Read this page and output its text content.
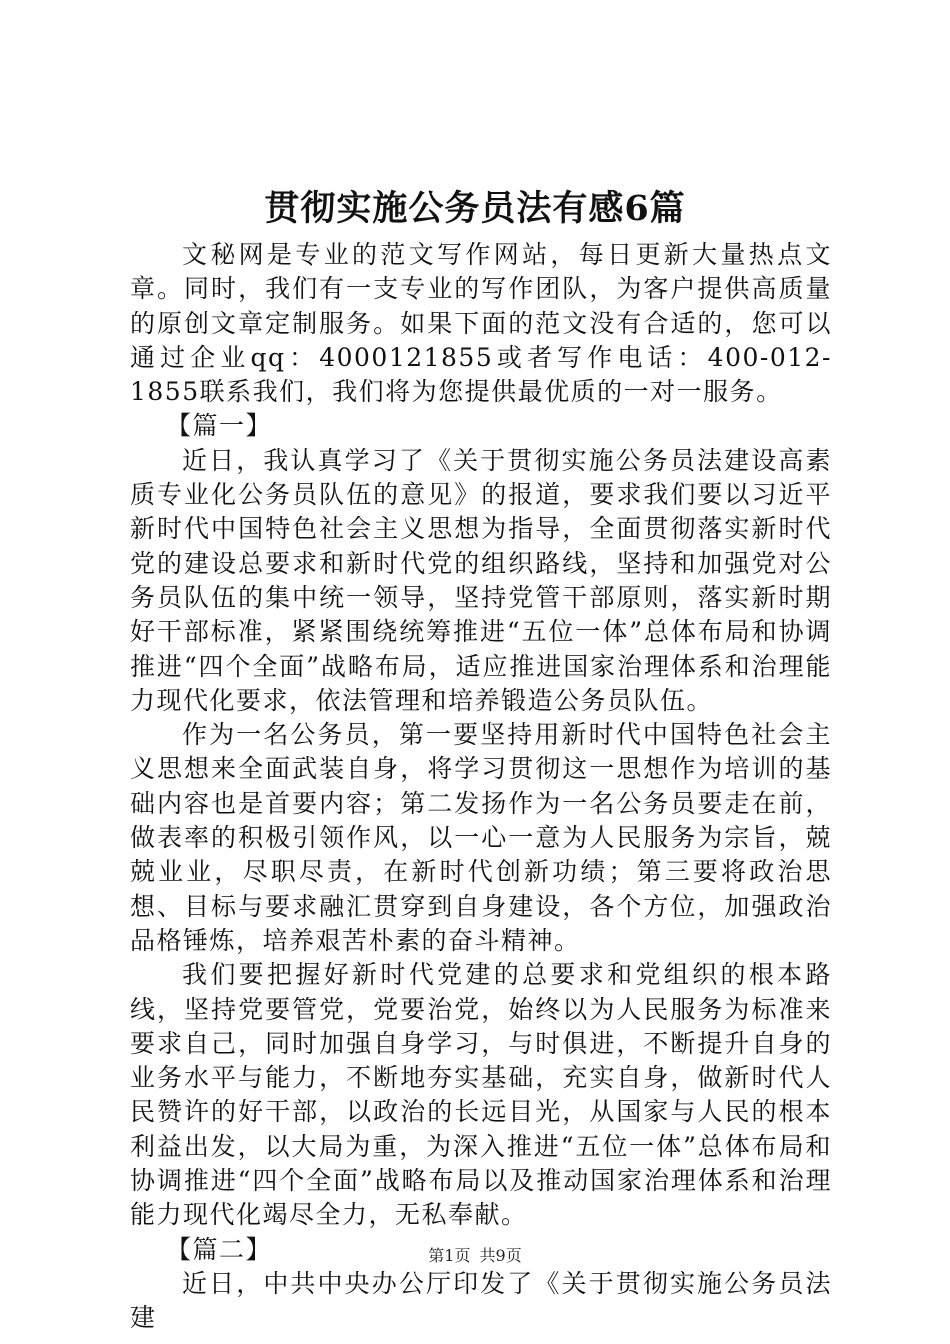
贯彻实施公务员法有感6篇

文秘网是专业的范文写作网站，每日更新大量热点文章。同时，我们有一支专业的写作团队，为客户提供高质量的原创文章定制服务。如果下面的范文没有合适的，您可以通过企业qq：4000121855或者写作电话：400-012-1855联系我们，我们将为您提供最优质的一对一服务。

【篇一】

近日，我认真学习了《关于贯彻实施公务员法建设高素质专业化公务员队伍的意见》的报道，要求我们要以习近平新时代中国特色社会主义思想为指导，全面贯彻落实新时代党的建设总要求和新时代党的组织路线，坚持和加强党对公务员队伍的集中统一领导，坚持党管干部原则，落实新时期好干部标准，紧紧围绕统筹推进“五位一体”总体布局和协调推进“四个全面”战略布局，适应推进国家治理体系和治理能力现代化要求，依法管理和培养锻造公务员队伍。

作为一名公务员，第一要坚持用新时代中国特色社会主义思想来全面武装自身，将学习贯彻这一思想作为培训的基础内容也是首要内容；第二发扬作为一名公务员要走在前，做表率的积极引领作风，以一心一意为人民服务为宗旨，兢兢业业，尽职尽责，在新时代创新功绩；第三要将政治思想、目标与要求融汇贯穿到自身建设，各个方位，加强政治品格锤炼，培养艰苦朴素的奋斗精神。

我们要把握好新时代党建的总要求和党组织的根本路线，坚持党要管党，党要治党，始终以为人民服务为标准来要求自己，同时加强自身学习，与时俱进，不断提升自身的业务水平与能力，不断地夯实基础，充实自身，做新时代人民赞许的好干部，以政治的长远目光，从国家与人民的根本利益出发，以大局为重，为深入推进“五位一体”总体布局和协调推进“四个全面”战略布局以及推动国家治理体系和治理能力现代化竭尽全力，无私奉献。

【篇二】

近日，中共中央办公厅印发了《关于贯彻实施公务员法建

第1页 共9页
